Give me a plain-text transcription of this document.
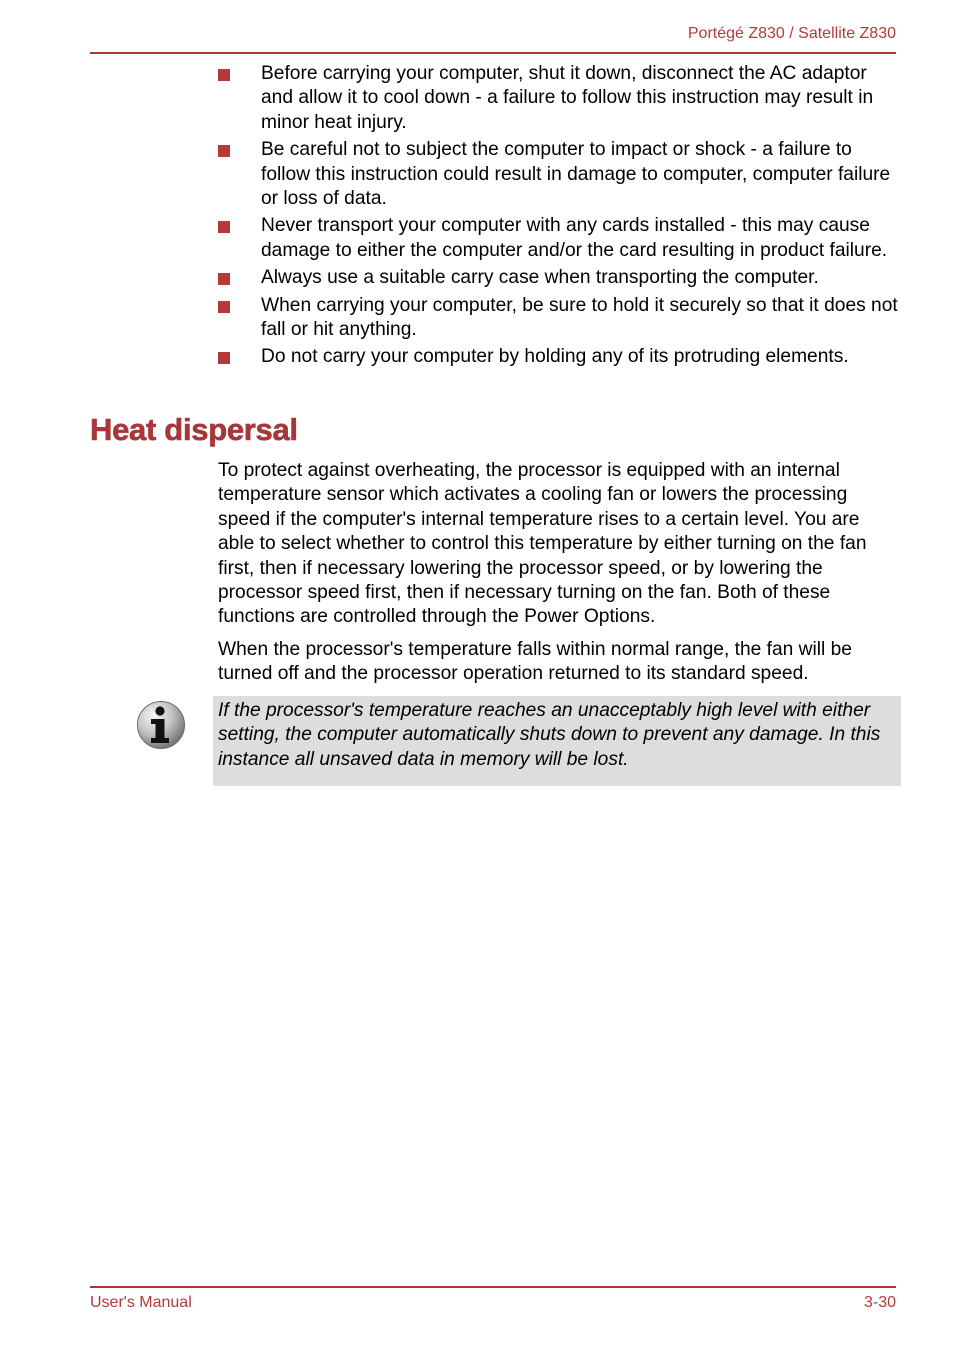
Portégé Z830 / Satellite Z830
Before carrying your computer, shut it down, disconnect the AC adaptor and allow it to cool down - a failure to follow this instruction may result in minor heat injury.
Be careful not to subject the computer to impact or shock - a failure to follow this instruction could result in damage to computer, computer failure or loss of data.
Never transport your computer with any cards installed - this may cause damage to either the computer and/or the card resulting in product failure.
Always use a suitable carry case when transporting the computer.
When carrying your computer, be sure to hold it securely so that it does not fall or hit anything.
Do not carry your computer by holding any of its protruding elements.
Heat dispersal

To protect against overheating, the processor is equipped with an internal temperature sensor which activates a cooling fan or lowers the processing speed if the computer's internal temperature rises to a certain level. You are able to select whether to control this temperature by either turning on the fan first, then if necessary lowering the processor speed, or by lowering the processor speed first, then if necessary turning on the fan. Both of these functions are controlled through the Power Options.

When the processor's temperature falls within normal range, the fan will be turned off and the processor operation returned to its standard speed.

If the processor's temperature reaches an unacceptably high level with either setting, the computer automatically shuts down to prevent any damage. In this instance all unsaved data in memory will be lost.

User's Manual	3-30
